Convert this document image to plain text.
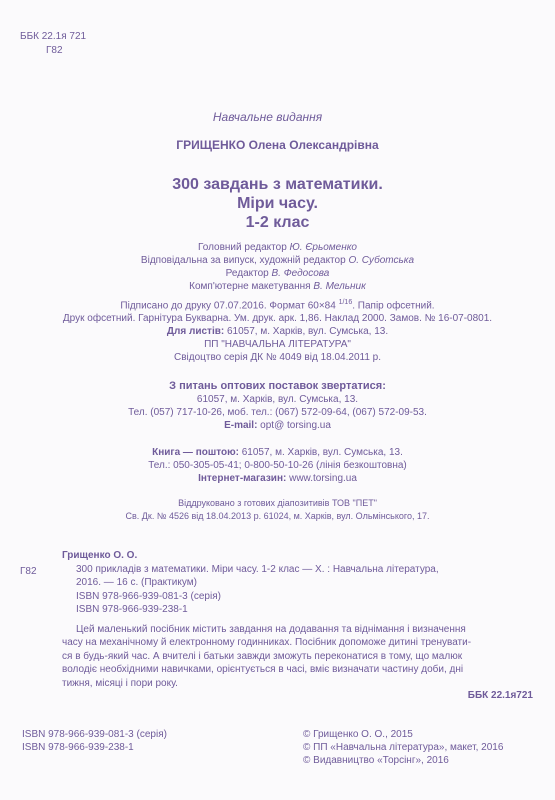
ББК 22.1я 721
Г82
Навчальне видання
ГРИЩЕНКО Олена Олександрівна
300 завдань з математики.
Міри часу.
1-2 клас
Головний редактор Ю. Єрьоменко
Відповідальна за випуск, художній редактор О. Суботська
Редактор В. Федосова
Комп'ютерне макетування В. Мельник
Підписано до друку 07.07.2016. Формат 60×84 $^{1/16}$. Папір офсетний.
Друк офсетний. Гарнітура Букварна. Ум. друк. арк. 1,86. Наклад 2000. Замов. № 16-07-0801.
Для листів: 61057, м. Харків, вул. Сумська, 13.
ПП "НАВЧАЛЬНА ЛІТЕРАТУРА"
Свідоцтво серія ДК № 4049 від 18.04.2011 р.
З питань оптових поставок звертатися:
61057, м. Харків, вул. Сумська, 13.
Тел. (057) 717-10-26, моб. тел.: (067) 572-09-64, (067) 572-09-53.
E-mail: opt@ torsing.ua
Книга — поштою: 61057, м. Харків, вул. Сумська, 13.
Тел.: 050-305-05-41; 0-800-50-10-26 (лінія безкоштовна)
Інтернет-магазин: www.torsing.ua
Віддруковано з готових діапозитивів ТОВ "ПЕТ"
Св. Дк. № 4526 від 18.04.2013 р. 61024, м. Харків, вул. Ольмінського, 17.
Г82
Грищенко О. О.
300 прикладів з математики. Міри часу. 1-2 клас — Х. : Навчальна література,
2016. — 16 с. (Практикум)
ISBN 978-966-939-081-3 (серія)
ISBN 978-966-939-238-1
Цей маленький посібник містить завдання на додавання та віднімання і визначення
часу на механічному й електронному годинниках. Посібник допоможе дитині тренувати-
ся в будь-який час. А вчителі і батьки завжди зможуть переконатися в тому, що малюк
володіє необхідними навичками, орієнтується в часі, вміє визначати частину доби, дні
тижня, місяці і пори року.
ББК 22.1я721
ISBN 978-966-939-081-3 (серія)
ISBN 978-966-939-238-1
© Грищенко О. О., 2015
© ПП «Навчальна література», макет, 2016
© Видавництво «Торсінг», 2016
